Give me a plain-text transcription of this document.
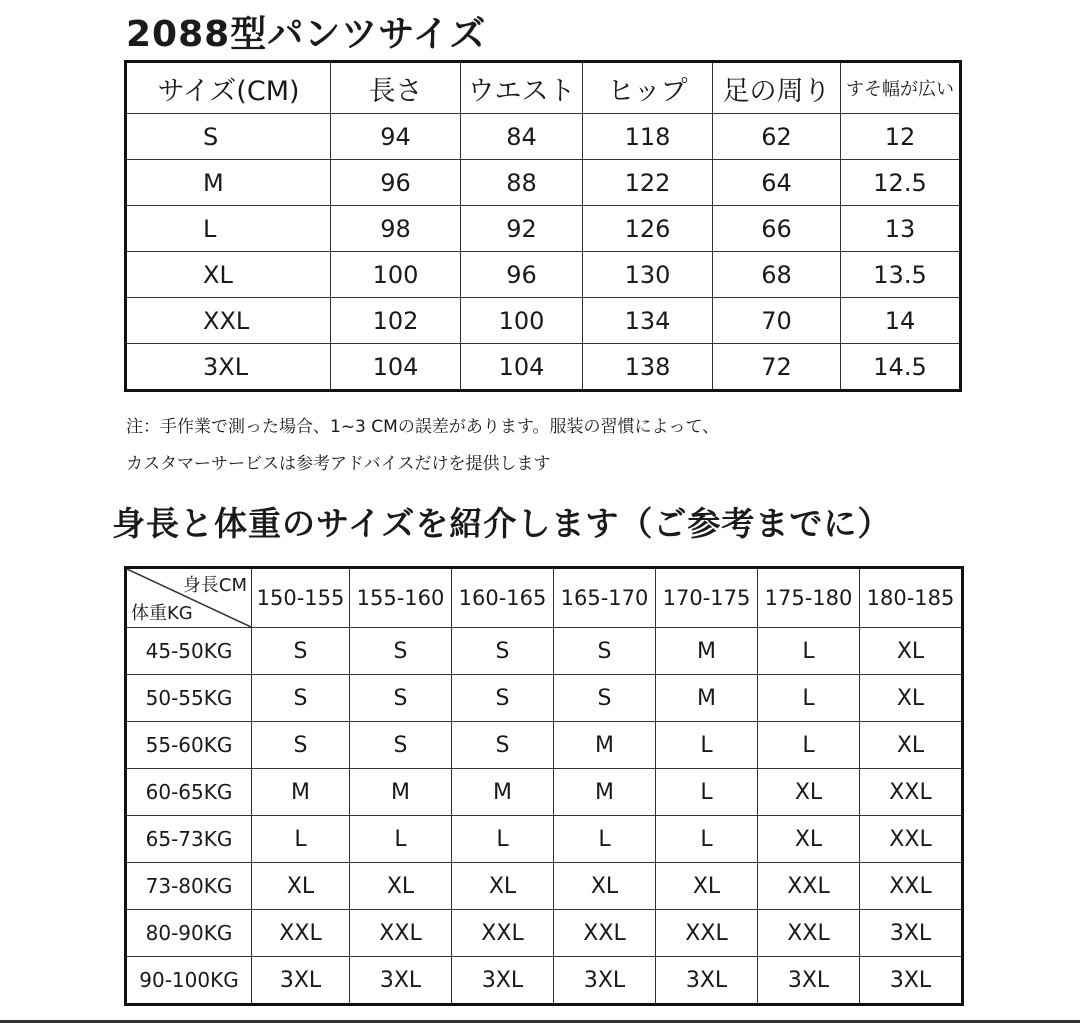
2088型パンツサイズ
サイズ(CM)	長さ	ウエスト	ヒップ	足の周り	すそ幅が広い
S	94	84	118	62	12
M	96	88	122	64	12.5
L	98	92	126	66	13
XL	100	96	130	68	13.5
XXL	102	100	134	70	14
3XL	104	104	138	72	14.5
注：手作業で測った場合、1~3 CMの誤差があります。服装の習慣によって、
カスタマーサービスは参考アドバイスだけを提供します
身長と体重のサイズを紹介します（ご参考までに）
身長CM
体重KG	150-155	155-160	160-165	165-170	170-175	175-180	180-185
45-50KG	S	S	S	S	M	L	XL
50-55KG	S	S	S	S	M	L	XL
55-60KG	S	S	S	M	L	L	XL
60-65KG	M	M	M	M	L	XL	XXL
65-73KG	L	L	L	L	L	XL	XXL
73-80KG	XL	XL	XL	XL	XL	XXL	XXL
80-90KG	XXL	XXL	XXL	XXL	XXL	XXL	3XL
90-100KG	3XL	3XL	3XL	3XL	3XL	3XL	3XL
